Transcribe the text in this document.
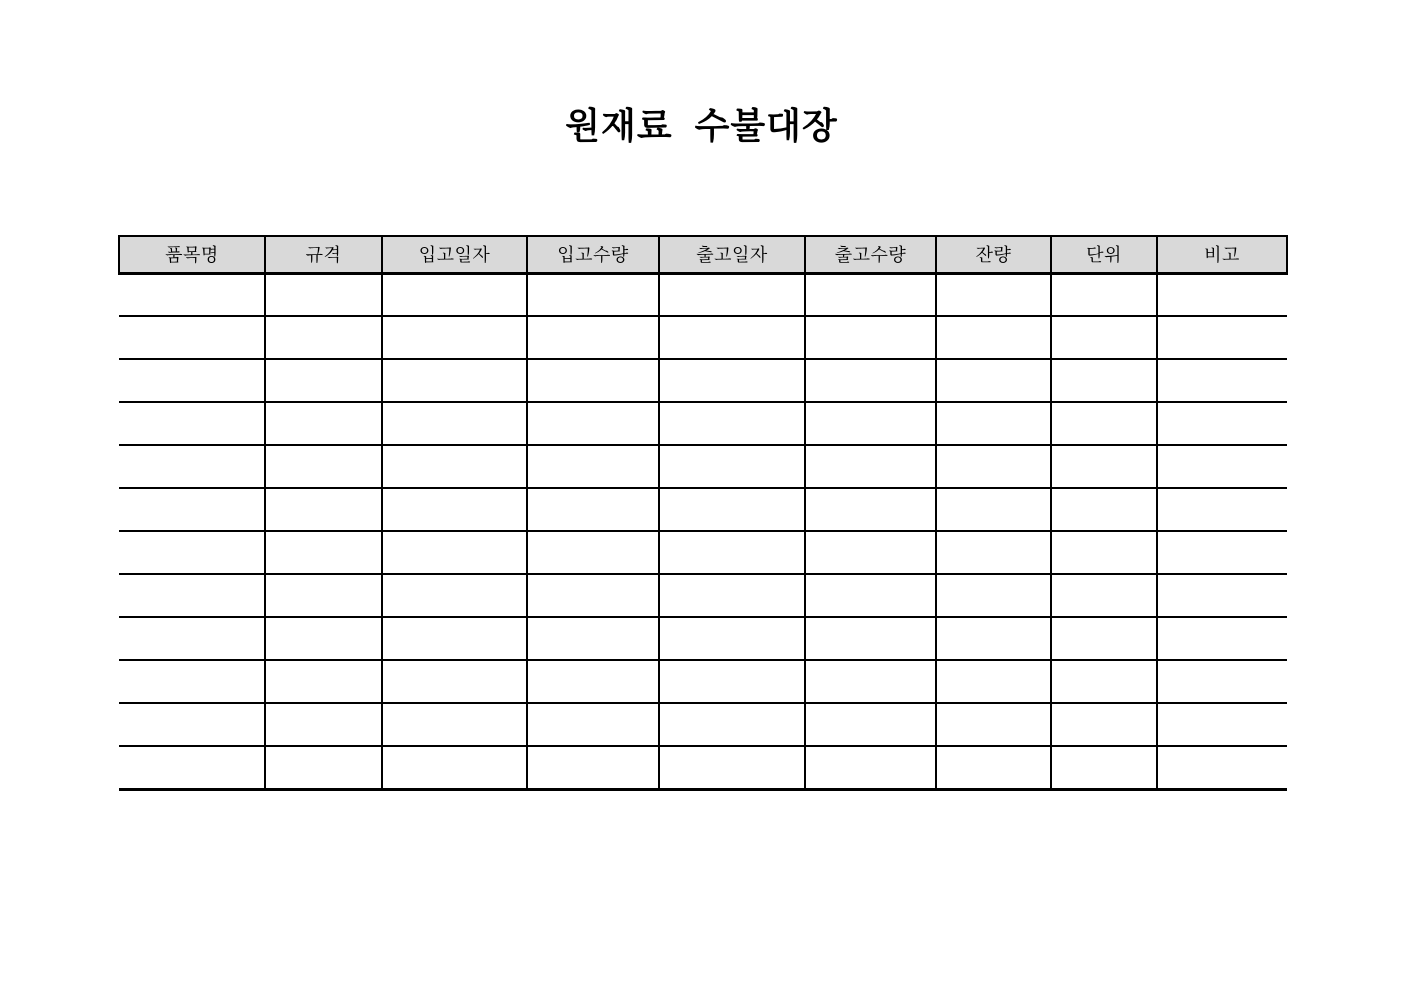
원재료  수불대장
품목명	규격	입고일자	입고수량	출고일자	출고수량	잔량	단위	비고
